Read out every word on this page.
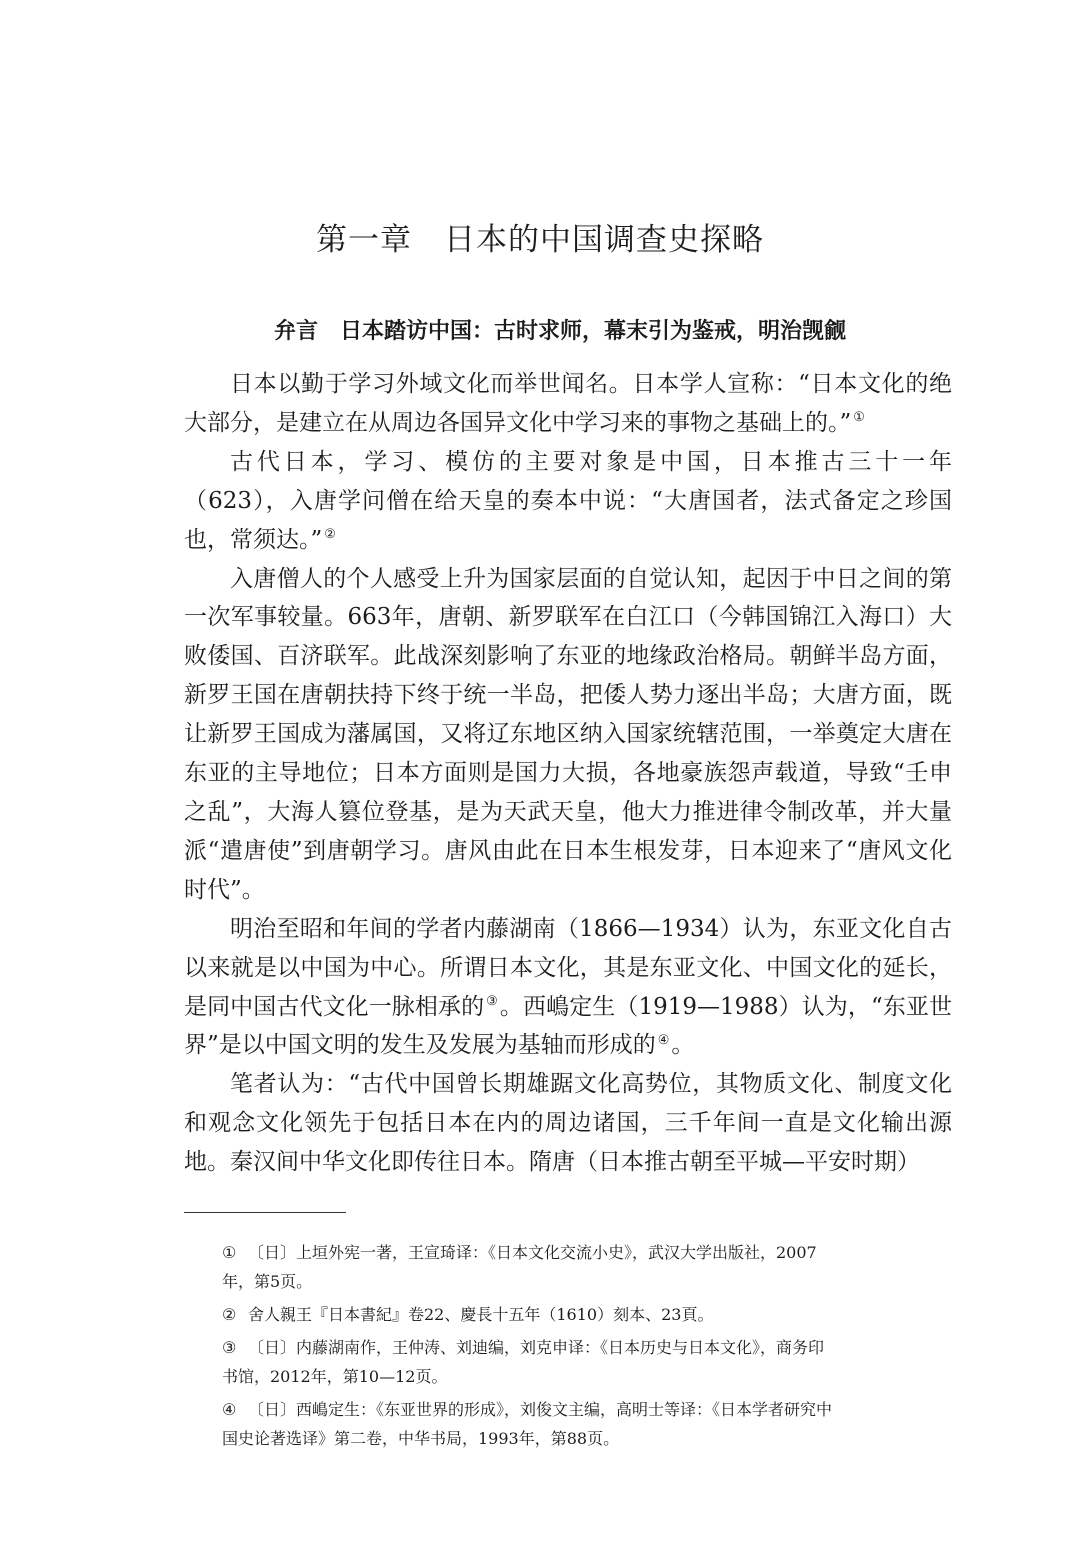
第一章　日本的中国调查史探略
弁言　日本踏访中国：古时求师，幕末引为鉴戒，明治觊觎

日本以勤于学习外域文化而举世闻名。日本学人宣称：“日本文化的绝大部分，是建立在从周边各国异文化中学习来的事物之基础上的。” ①

古代日本，学习、模仿的主要对象是中国，日本推古三十一年（623），入唐学问僧在给天皇的奏本中说：“大唐国者，法式备定之珍国也，常须达。” ②

入唐僧人的个人感受上升为国家层面的自觉认知，起因于中日之间的第一次军事较量。663年，唐朝、新罗联军在白江口（今韩国锦江入海口）大败倭国、百济联军。此战深刻影响了东亚的地缘政治格局。朝鲜半岛方面，新罗王国在唐朝扶持下终于统一半岛，把倭人势力逐出半岛；大唐方面，既让新罗王国成为藩属国，又将辽东地区纳入国家统辖范围，一举奠定大唐在东亚的主导地位；日本方面则是国力大损，各地豪族怨声载道，导致“壬申之乱”，大海人篡位登基，是为天武天皇，他大力推进律令制改革，并大量派“遣唐使”到唐朝学习。唐风由此在日本生根发芽，日本迎来了“唐风文化时代”。

明治至昭和年间的学者内藤湖南（1866—1934）认为，东亚文化自古以来就是以中国为中心。所谓日本文化，其是东亚文化、中国文化的延长，是同中国古代文化一脉相承的 ③。西嶋定生（1919—1988）认为，“东亚世界”是以中国文明的发生及发展为基轴而形成的 ④。

笔者认为：“古代中国曾长期雄踞文化高势位，其物质文化、制度文化和观念文化领先于包括日本在内的周边诸国，三千年间一直是文化输出源地。秦汉间中华文化即传往日本。隋唐（日本推古朝至平城—平安时期）

① 〔日〕上垣外宪一著，王宣琦译：《日本文化交流小史》，武汉大学出版社，2007
年，第5页。
② 舍人親王『日本書紀』卷22、慶長十五年（1610）刻本、23頁。
③ 〔日〕内藤湖南作，王仲涛、刘迪编，刘克申译：《日本历史与日本文化》，商务印
书馆，2012年，第10—12页。
④ 〔日〕西嶋定生：《东亚世界的形成》，刘俊文主编，高明士等译：《日本学者研究中
国史论著选译》第二卷，中华书局，1993年，第88页。
